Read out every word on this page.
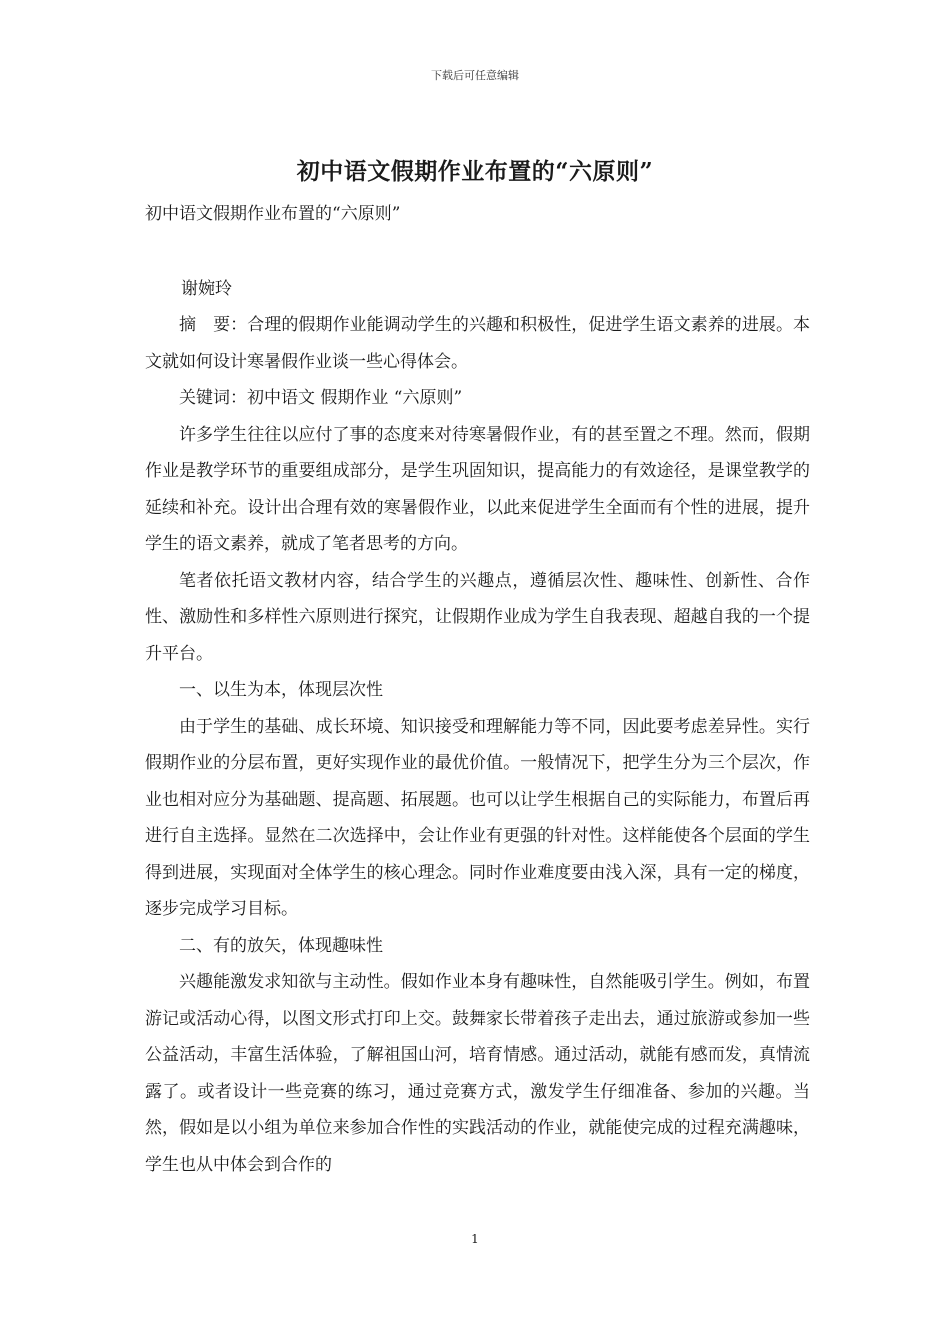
下载后可任意编辑
初中语文假期作业布置的“六原则”

初中语文假期作业布置的“六原则”

谢婉玲

摘　要：合理的假期作业能调动学生的兴趣和积极性，促进学生语文素养的进展。本文就如何设计寒暑假作业谈一些心得体会。

关键词：初中语文 假期作业 “六原则”

许多学生往往以应付了事的态度来对待寒暑假作业，有的甚至置之不理。然而，假期作业是教学环节的重要组成部分，是学生巩固知识，提高能力的有效途径，是课堂教学的延续和补充。设计出合理有效的寒暑假作业，以此来促进学生全面而有个性的进展，提升学生的语文素养，就成了笔者思考的方向。

笔者依托语文教材内容，结合学生的兴趣点，遵循层次性、趣味性、创新性、合作性、激励性和多样性六原则进行探究，让假期作业成为学生自我表现、超越自我的一个提升平台。

一、以生为本，体现层次性

由于学生的基础、成长环境、知识接受和理解能力等不同，因此要考虑差异性。实行假期作业的分层布置，更好实现作业的最优价值。一般情况下，把学生分为三个层次，作业也相对应分为基础题、提高题、拓展题。也可以让学生根据自己的实际能力，布置后再进行自主选择。显然在二次选择中，会让作业有更强的针对性。这样能使各个层面的学生得到进展，实现面对全体学生的核心理念。同时作业难度要由浅入深，具有一定的梯度，逐步完成学习目标。

二、有的放矢，体现趣味性

兴趣能激发求知欲与主动性。假如作业本身有趣味性，自然能吸引学生。例如，布置游记或活动心得，以图文形式打印上交。鼓舞家长带着孩子走出去，通过旅游或参加一些公益活动，丰富生活体验，了解祖国山河，培育情感。通过活动，就能有感而发，真情流露了。或者设计一些竞赛的练习，通过竞赛方式，激发学生仔细准备、参加的兴趣。当然，假如是以小组为单位来参加合作性的实践活动的作业，就能使完成的过程充满趣味，学生也从中体会到合作的

1
